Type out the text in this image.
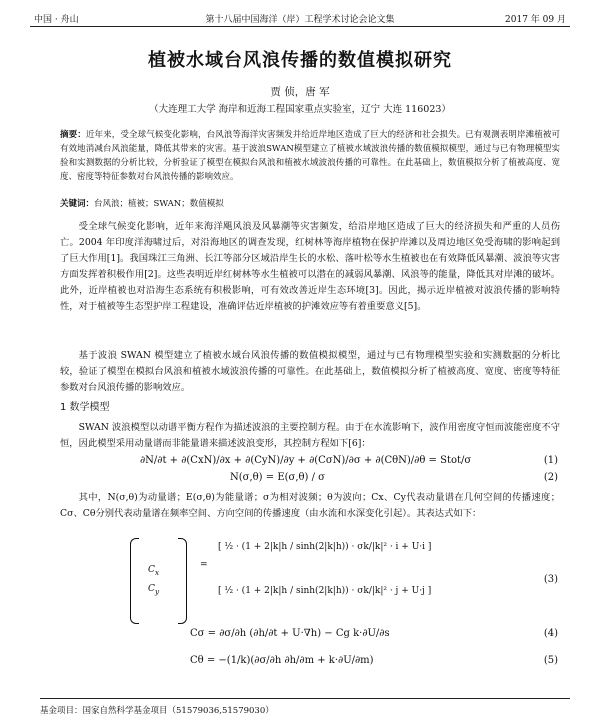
中国 · 舟山	第十八届中国海洋（岸）工程学术讨论会论文集	2017 年 09 月
植被水域台风浪传播的数值模拟研究
贾 侦，唐 军
（大连理工大学 海岸和近海工程国家重点实验室，辽宁 大连 116023）
摘要：近年来，受全球气候变化影响，台风浪等海洋灾害频发并给近岸地区造成了巨大的经济和社会损失。已有观测表明岸滩植被可有效地消减台风浪能量，降低其带来的灾害。基于波浪SWAN模型建立了植被水域波浪传播的数值模拟模型，通过与已有物理模型实验和实测数据的分析比较，分析验证了模型在模拟台风浪和植被水域波浪传播的可靠性。在此基础上，数值模拟分析了植被高度、宽度、密度等特征参数对台风浪传播的影响效应。
关键词：台风浪；植被；SWAN；数值模拟
受全球气候变化影响，近年来海洋飓风浪及风暴潮等灾害频发，给沿岸地区造成了巨大的经济损失和严重的人员伤亡。2004 年印度洋海啸过后，对沿海地区的调查发现，红树林等海岸植物在保护岸滩以及周边地区免受海啸的影响起到了巨大作用[1]。我国珠江三角洲、长江等部分区域沿岸生长的水松、落叶松等水生植被也在有效降低风暴潮、波浪等灾害方面发挥着积极作用[2]。这些表明近岸红树林等水生植被可以潜在的减弱风暴潮、风浪等的能量，降低其对岸滩的破坏。此外，近岸植被也对沿海生态系统有积极影响，可有效改善近岸生态环境[3]。因此，揭示近岸植被对波浪传播的影响特性，对于植被等生态型护岸工程建设，准确评估近岸植被的护滩效应等有着重要意义[5]。
基于波浪 SWAN 模型建立了植被水域台风浪传播的数值模拟模型，通过与已有物理模型实验和实测数据的分析比较，验证了模型在模拟台风浪和植被水域波浪传播的可靠性。在此基础上，数值模拟分析了植被高度、宽度、密度等特征参数对台风浪传播的影响效应。
1 数学模型
SWAN 波浪模型以动谱平衡方程作为描述波浪的主要控制方程。由于在水流影响下，波作用密度守恒而波能密度不守恒，因此模型采用动量谱而非能量谱来描述波浪变形，其控制方程如下[6]：
∂N/∂t + ∂(CxN)/∂x + ∂(CyN)/∂y + ∂(CσN)/∂σ + ∂(CθN)/∂θ = Stot/σ	(1)
N(σ,θ) = E(σ,θ) / σ	(2)
其中，N(σ,θ)为动量谱；E(σ,θ)为能量谱；σ为相对波频；θ为波向；Cx、Cy代表动量谱在几何空间的传播速度；Cσ、Cθ分别代表动量谱在频率空间、方向空间的传播速度（由水流和水深变化引起）。其表达式如下：
$C_x$
$C_y$
=
[ ½ · (1 + 2|k|h / sinh(2|k|h)) · σk/|k|² · i + U·i ]
[ ½ · (1 + 2|k|h / sinh(2|k|h)) · σk/|k|² · j + U·j ]
(3)
Cσ = ∂σ/∂h (∂h/∂t + U·∇h) − Cg k·∂U/∂s	(4)
Cθ = −(1/k)(∂σ/∂h ∂h/∂m + k·∂U/∂m)	(5)
基金项目：国家自然科学基金项目（51579036,51579030）
